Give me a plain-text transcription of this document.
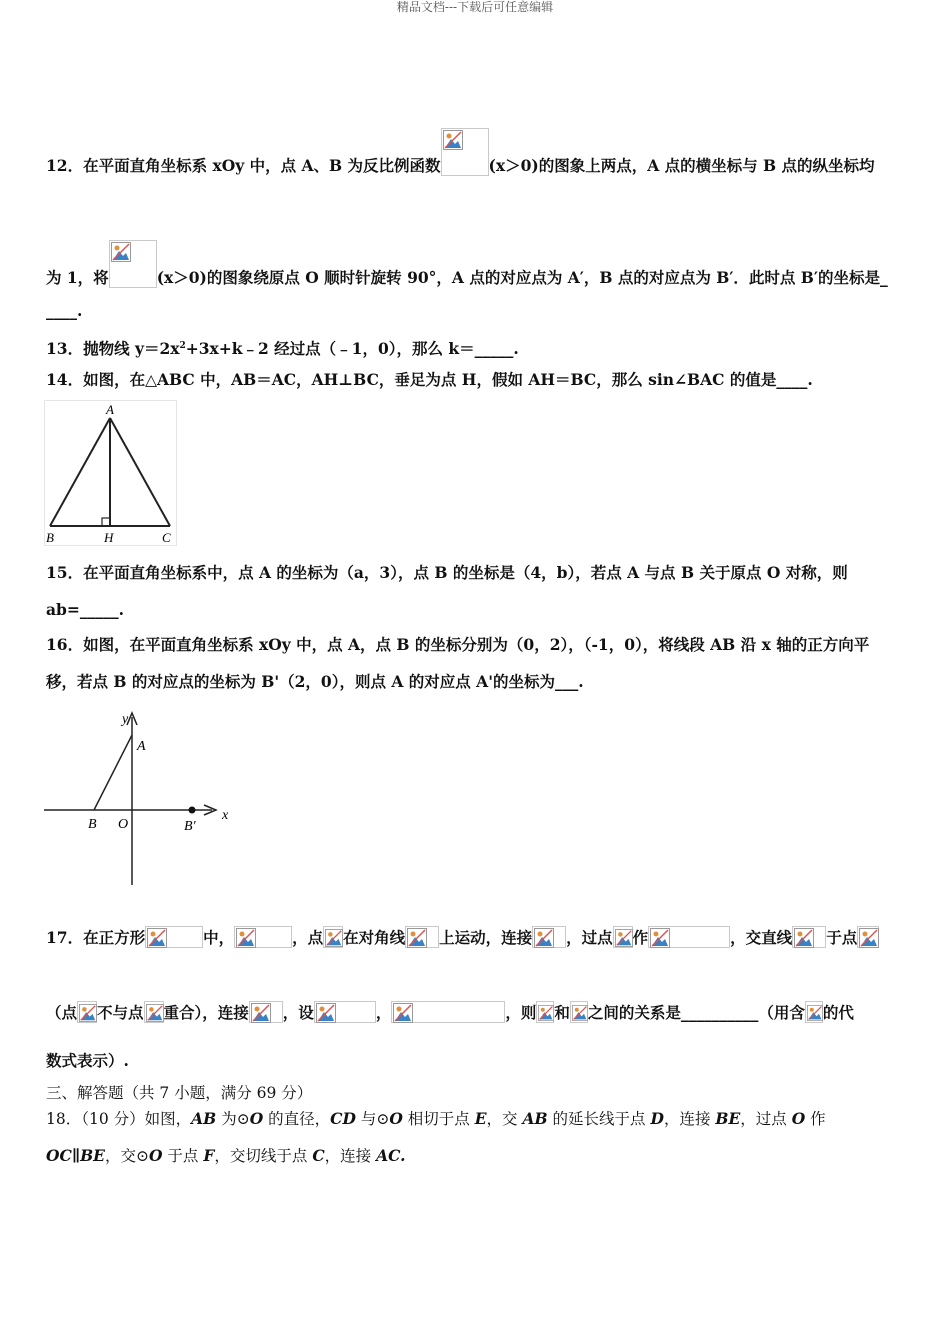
精品文档---下载后可任意编辑
12．在平面直角坐标系 xOy 中，点 A、B 为反比例函数	(x＞0)的图象上两点，A 点的横坐标与 B 点的纵坐标均
为 1，将	(x＞0)的图象绕原点 O 顺时针旋转 90°，A 点的对应点为 A′，B 点的对应点为 B′．此时点 B′的坐标是_
____.
13．抛物线 $y=2x^2+3x+k﹣2$ 经过点（﹣1，0），那么 k＝_____.
14．如图，在△ABC 中，AB＝AC，AH⊥BC，垂足为点 H，假如 AH＝BC，那么 sin∠BAC 的值是____.
A
B	H	C
15．在平面直角坐标系中，点 A 的坐标为（a，3），点 B 的坐标是（4，b），若点 A 与点 B 关于原点 O 对称，则
ab=_____.
16．如图，在平面直角坐标系 xOy 中，点 A，点 B 的坐标分别为（0，2），（-1，0），将线段 AB 沿 x 轴的正方向平
移，若点 B 的对应点的坐标为 B'（2，0），则点 A 的对应点 A'的坐标为___.
y
x
A
B O	B′
17．在正方形	中，	，点 在对角线 上运动，连接 ，过点 作	，交直线 于点
（点 不与点 重合），连接 ，设	，	，则 和 之间的关系是__________（用含 的代
数式表示）.
三、解答题（共 7 小题，满分 69 分）
18．（10 分）如图，AB 为⊙O 的直径，CD 与⊙O 相切于点 E，交 AB 的延长线于点 D，连接 BE，过点 O 作
OC∥BE，交⊙O 于点 F，交切线于点 C，连接 AC.
